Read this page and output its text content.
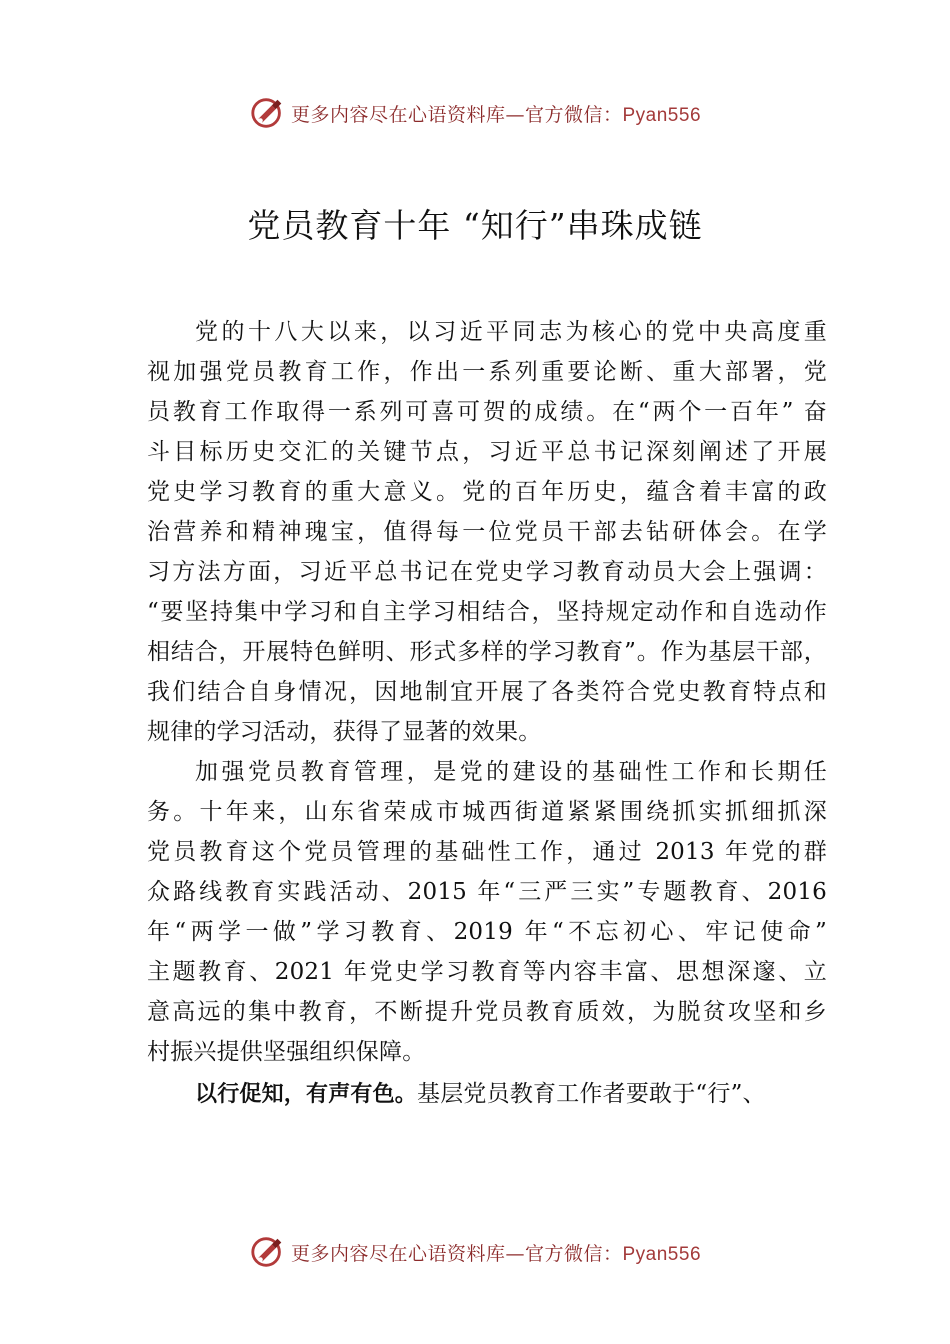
更多内容尽在心语资料库—官方微信：Pyan556
党员教育十年 “知行”串珠成链
党的十八大以来，以习近平同志为核心的党中央高度重
视加强党员教育工作，作出一系列重要论断、重大部署，党
员教育工作取得一系列可喜可贺的成绩。在“两个一百年” 奋
斗目标历史交汇的关键节点，习近平总书记深刻阐述了开展
党史学习教育的重大意义。党的百年历史，蕴含着丰富的政
治营养和精神瑰宝，值得每一位党员干部去钻研体会。在学
习方法方面，习近平总书记在党史学习教育动员大会上强调：
“要坚持集中学习和自主学习相结合，坚持规定动作和自选动作
相结合，开展特色鲜明、形式多样的学习教育”。作为基层干部，
我们结合自身情况，因地制宜开展了各类符合党史教育特点和
规律的学习活动，获得了显著的效果。
加强党员教育管理，是党的建设的基础性工作和长期任
务。十年来，山东省荣成市城西街道紧紧围绕抓实抓细抓深
党员教育这个党员管理的基础性工作，通过 2013 年党的群
众路线教育实践活动、2015 年“三严三实”专题教育、2016
年“两学一做”学习教育、2019 年“不忘初心、牢记使命”
主题教育、2021 年党史学习教育等内容丰富、思想深邃、立
意高远的集中教育，不断提升党员教育质效，为脱贫攻坚和乡
村振兴提供坚强组织保障。
以行促知，有声有色。基层党员教育工作者要敢于“行”、
更多内容尽在心语资料库—官方微信：Pyan556
